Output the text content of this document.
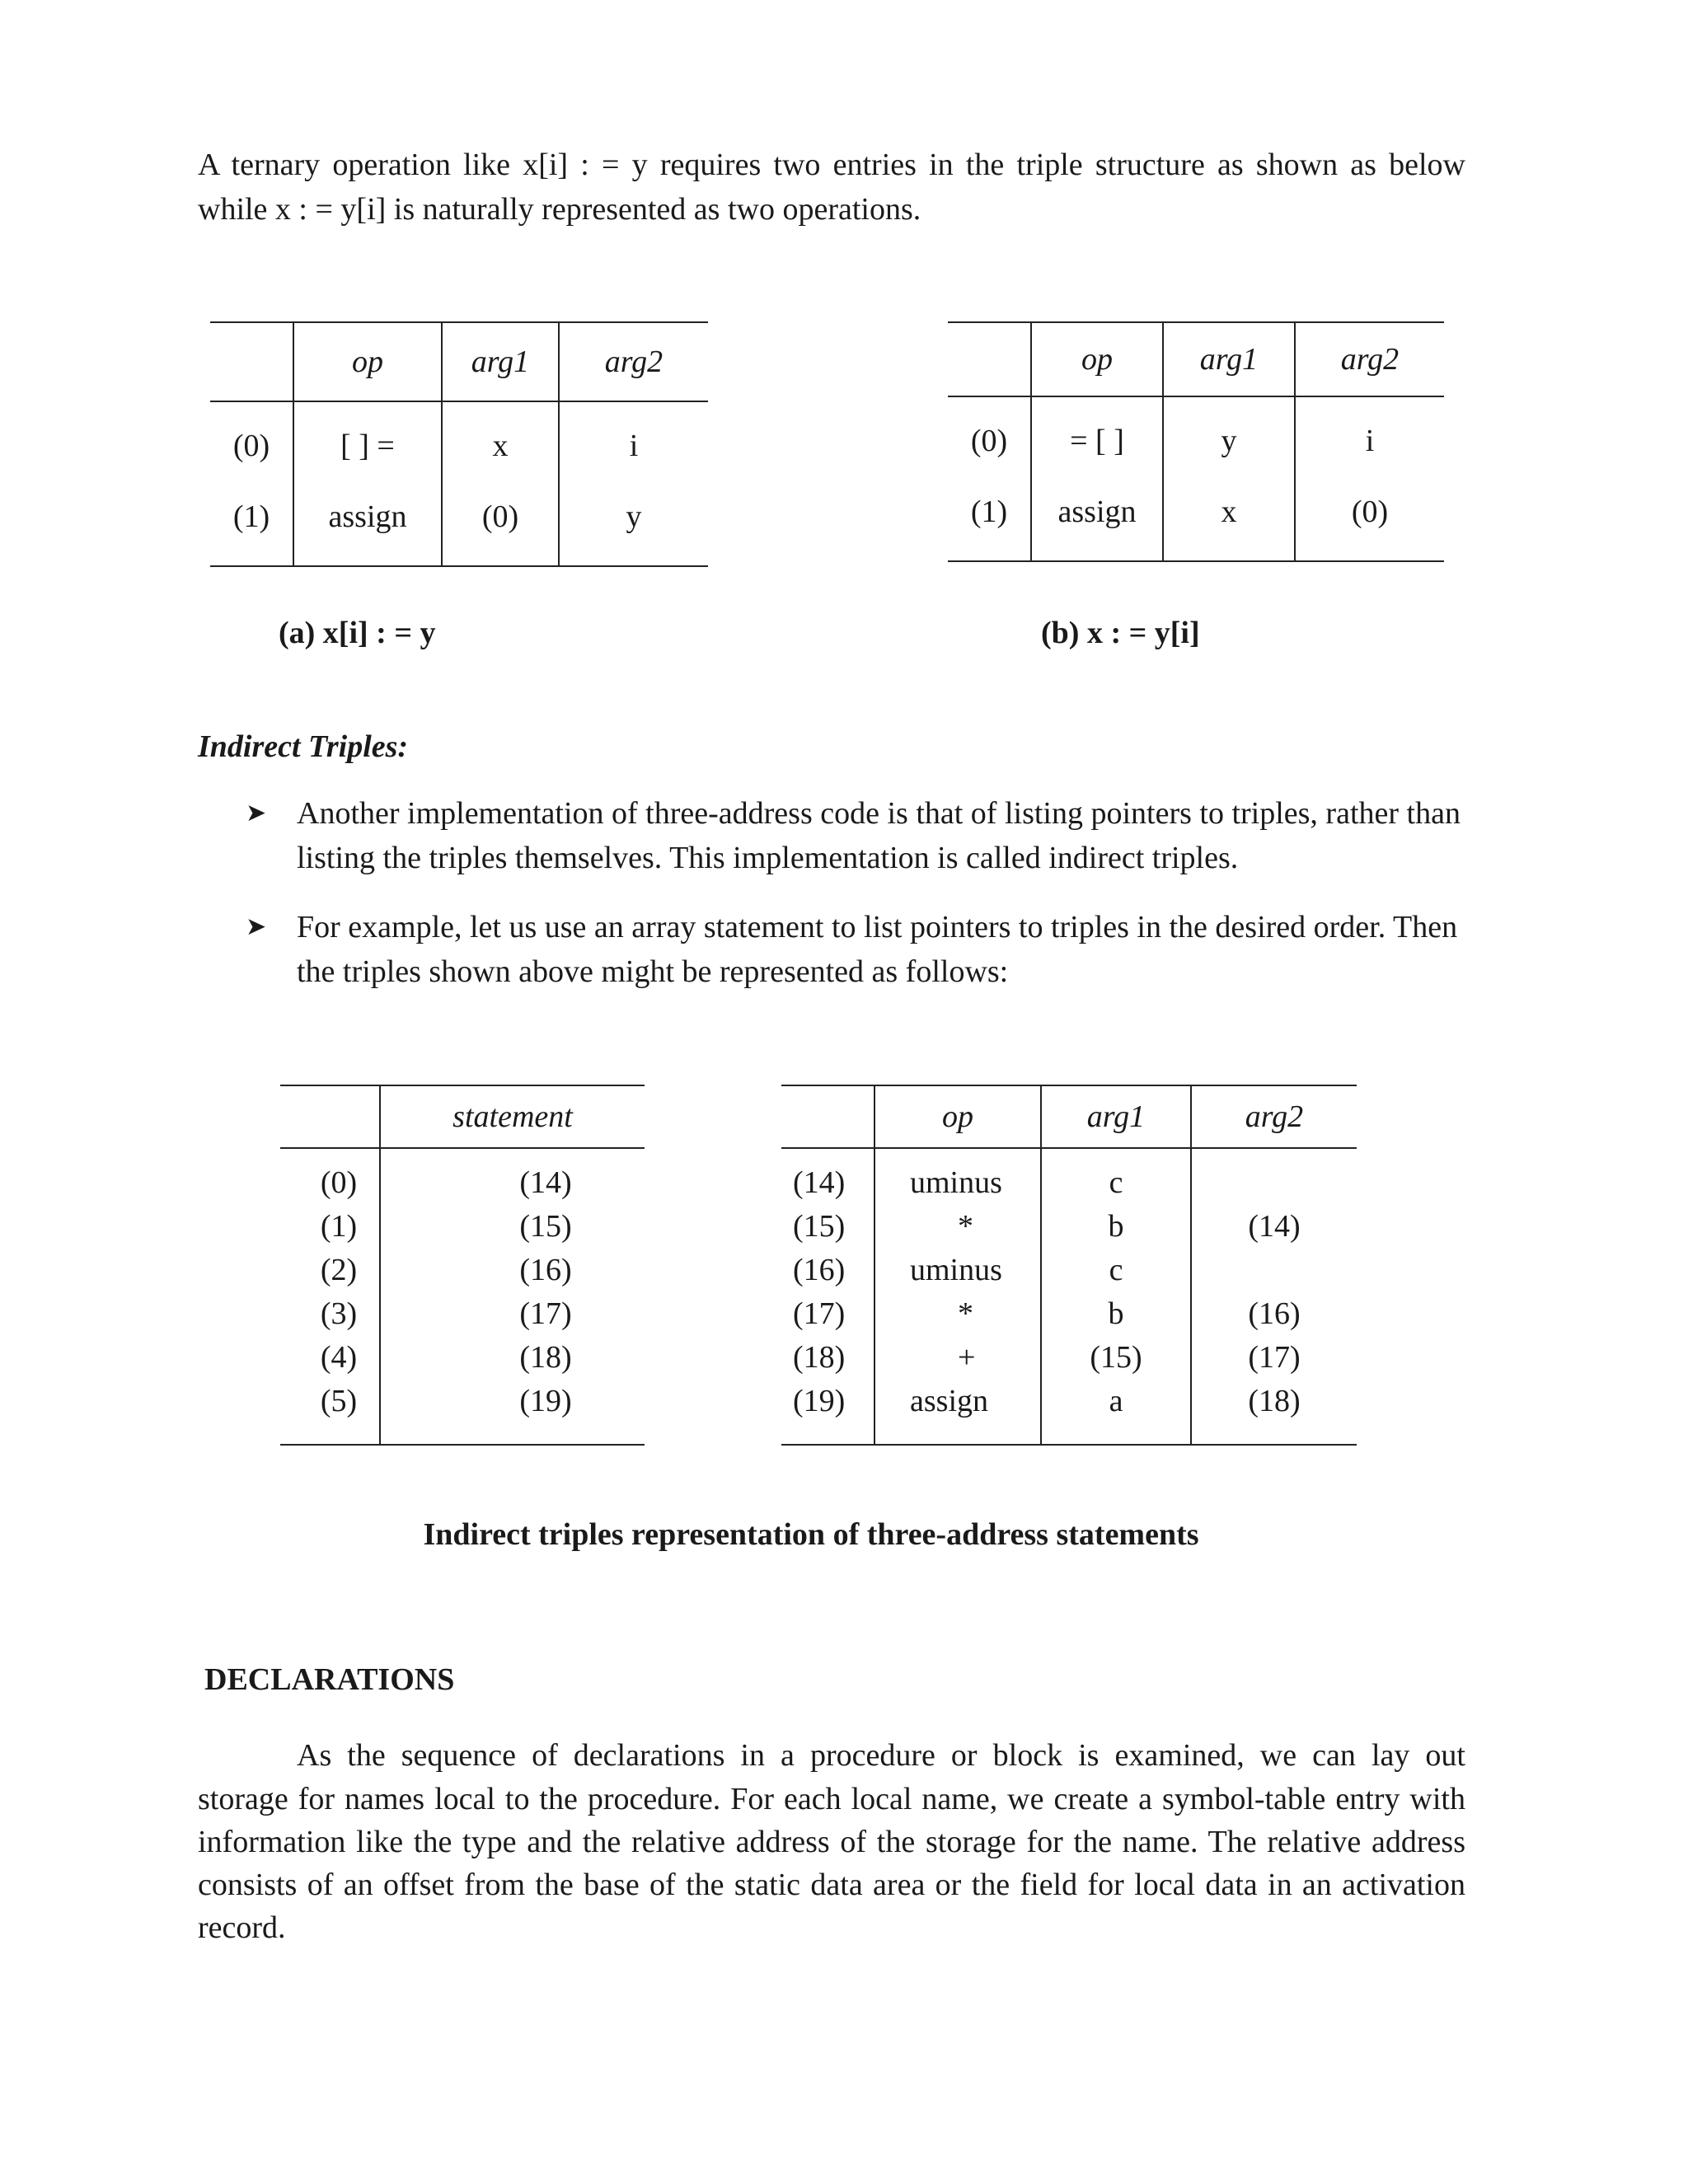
A ternary operation like x[i] : = y requires two entries in the triple structure as shown as below
while x : = y[i] is naturally represented as two operations.
	op	arg1	arg2
(0)	[ ] =	x	i
(1)	assign	(0)	y
(a) x[i] : = y
	op	arg1	arg2
(0)	= [ ]	y	i
(1)	assign	x	(0)
(b) x : = y[i]
Indirect Triples:
➤ Another implementation of three-address code is that of listing pointers to triples, rather than listing the triples themselves. This implementation is called indirect triples.
➤ For example, let us use an array statement to list pointers to triples in the desired order. Then the triples shown above might be represented as follows:
	statement
(0)	(14)
(1)	(15)
(2)	(16)
(3)	(17)
(4)	(18)
(5)	(19)
	op	arg1	arg2
(14)	uminus	c	
(15)	*	b	(14)
(16)	uminus	c	
(17)	*	b	(16)
(18)	+	(15)	(17)
(19)	assign	a	(18)
Indirect triples representation of three-address statements
DECLARATIONS
As the sequence of declarations in a procedure or block is examined, we can lay out
storage for names local to the procedure. For each local name, we create a symbol-table entry with information like the type and the relative address of the storage for the name. The relative address consists of an offset from the base of the static data area or the field for local data in an activation record.
